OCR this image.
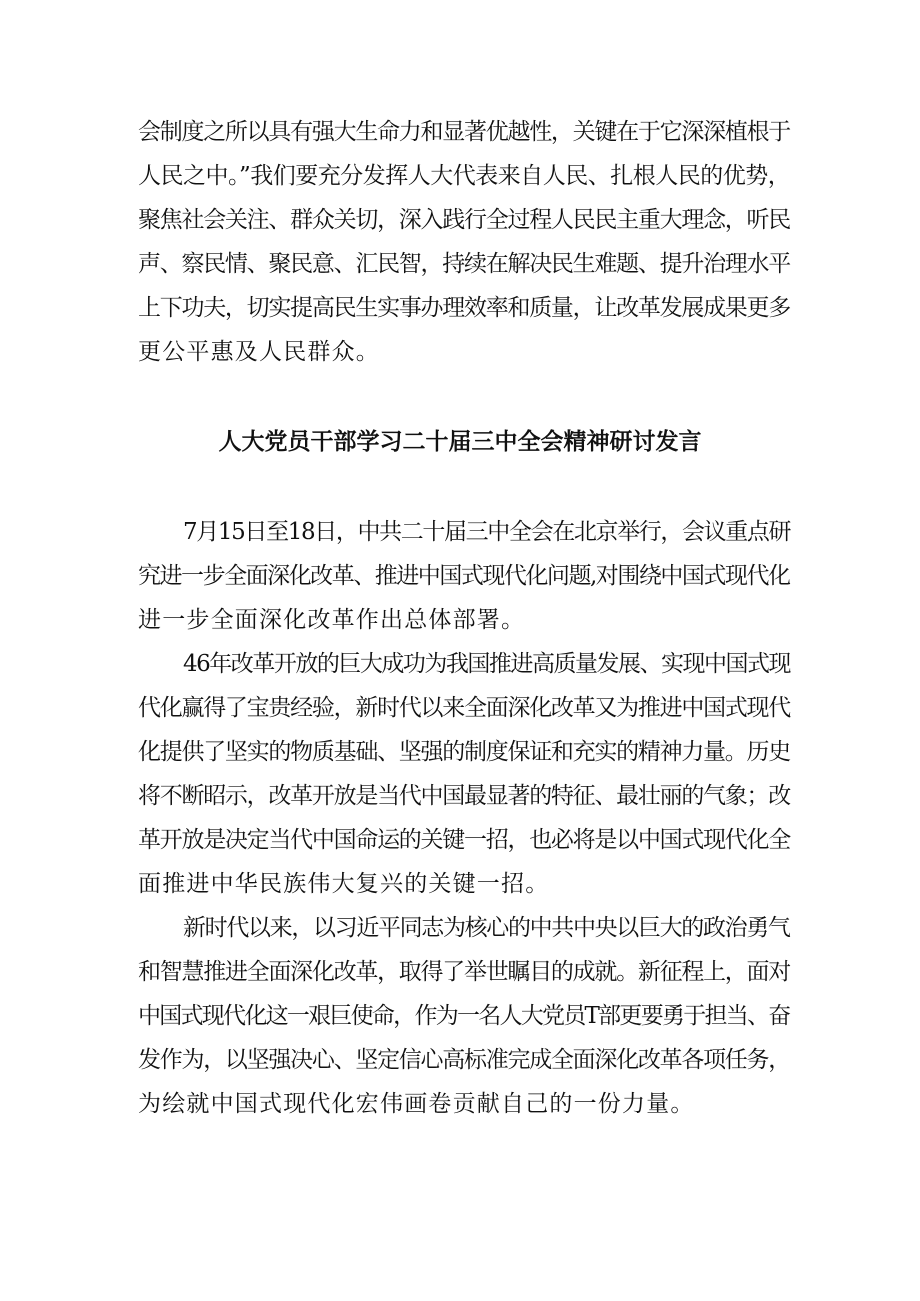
会制度之所以具有强大生命力和显著优越性，关键在于它深深植根于
人民之中。”我们要充分发挥人大代表来自人民、扎根人民的优势，
聚焦社会关注、群众关切，深入践行全过程人民民主重大理念，听民
声、察民情、聚民意、汇民智，持续在解决民生难题、提升治理水平
上下功夫，切实提高民生实事办理效率和质量，让改革发展成果更多
更公平惠及人民群众。
人大党员干部学习二十届三中全会精神研讨发言
7月15日至18日，中共二十届三中全会在北京举行，会议重点研
究进一步全面深化改革、推进中国式现代化问题,对围绕中国式现代化
进一步全面深化改革作出总体部署。
46年改革开放的巨大成功为我国推进高质量发展、实现中国式现
代化赢得了宝贵经验，新时代以来全面深化改革又为推进中国式现代
化提供了坚实的物质基础、坚强的制度保证和充实的精神力量。历史
将不断昭示，改革开放是当代中国最显著的特征、最壮丽的气象；改
革开放是决定当代中国命运的关键一招，也必将是以中国式现代化全
面推进中华民族伟大复兴的关键一招。
新时代以来，以习近平同志为核心的中共中央以巨大的政治勇气
和智慧推进全面深化改革，取得了举世瞩目的成就。新征程上，面对
中国式现代化这一艰巨使命，作为一名人大党员T部更要勇于担当、奋
发作为，以坚强决心、坚定信心高标准完成全面深化改革各项任务，
为绘就中国式现代化宏伟画卷贡献自己的一份力量。
